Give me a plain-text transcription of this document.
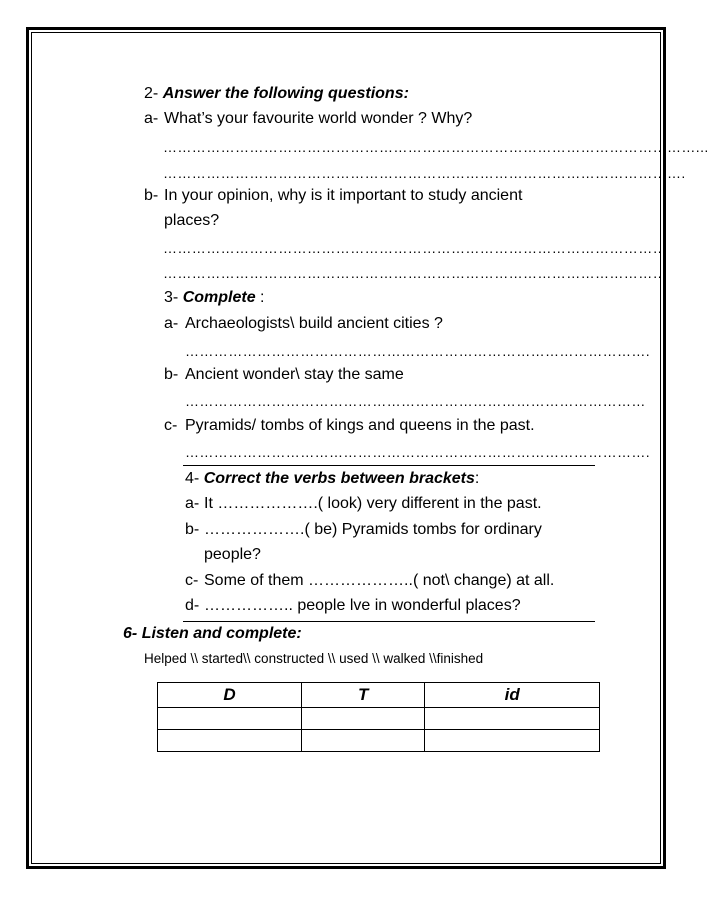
2- Answer the following questions:
a- What’s your favourite world wonder ? Why?
…………………………………………………………………………………………………...
……………………………………………………………………………………………….
b- In your opinion, why is it important to study ancient
places?
……………………………………………………………………………………………
……………………………………………………………………………………………
3- Complete :
a- Archaeologists\ build ancient cities ?
…………………………………………………………………………………….
b- Ancient wonder\ stay the same
……………………………………………………………………………………
c- Pyramids/ tombs of kings and queens in the past.
…………………………………………………………………………………….
4- Correct the verbs between brackets:
a- It ……………….( look) very different in the past.
b- ……………….( be) Pyramids tombs for ordinary
people?
c- Some of them ………………..( not\ change) at all.
d- …………….. people lve in wonderful places?
6- Listen and complete:
Helped \\ started\\ constructed \\ used \\ walked \\finished
D	T	id
